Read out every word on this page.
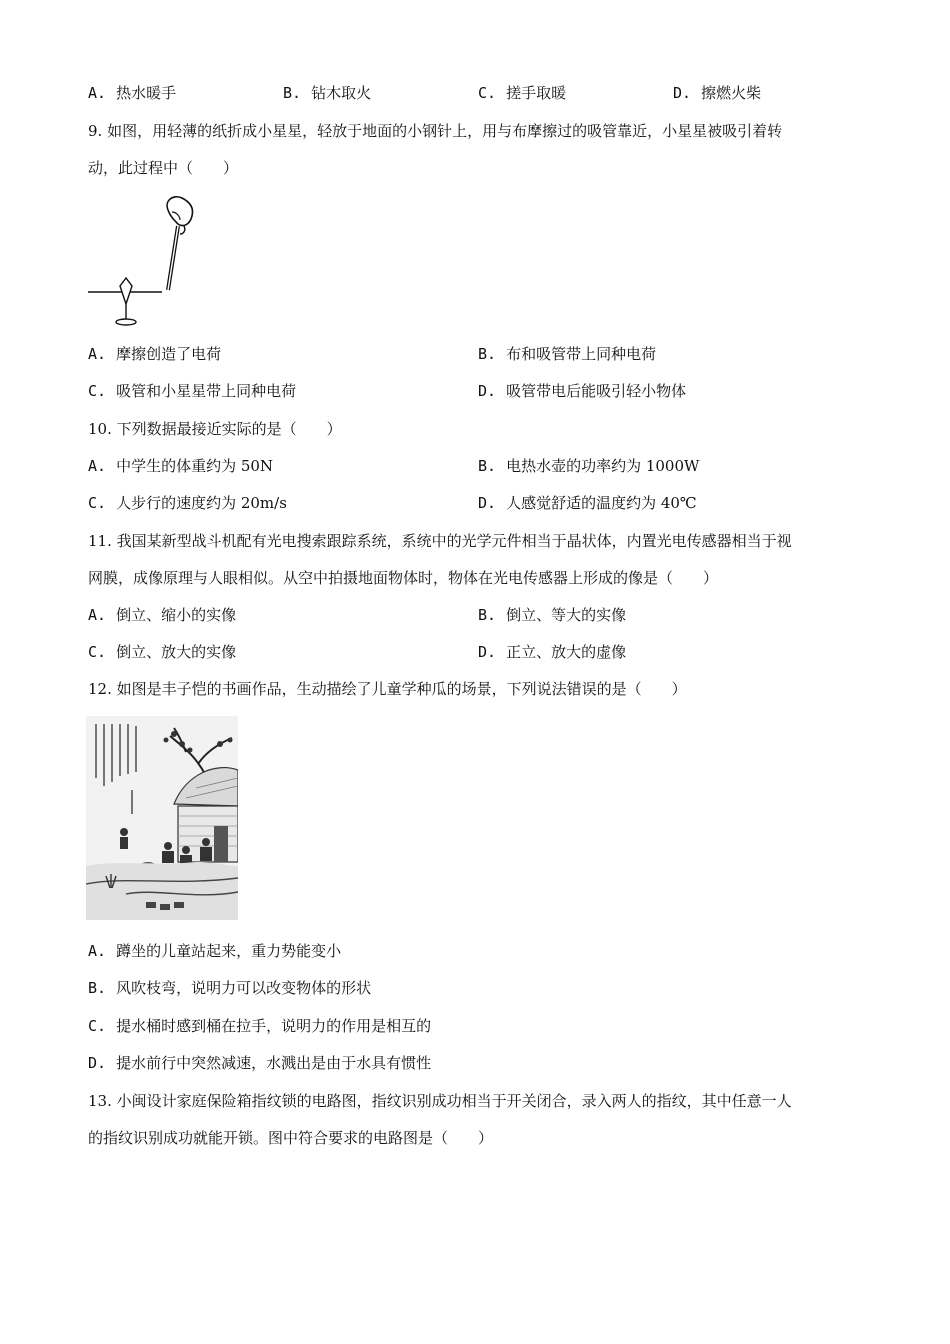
A. 热水暖手	B. 钻木取火	C. 搓手取暖	D. 擦燃火柴
9. 如图，用轻薄的纸折成小星星，轻放于地面的小钢针上，用与布摩擦过的吸管靠近，小星星被吸引着转
动，此过程中（　　）
A. 摩擦创造了电荷	B. 布和吸管带上同种电荷
C. 吸管和小星星带上同种电荷	D. 吸管带电后能吸引轻小物体
10. 下列数据最接近实际的是（　　）
A. 中学生的体重约为 50N	B. 电热水壶的功率约为 1000W
C. 人步行的速度约为 20m/s	D. 人感觉舒适的温度约为 40℃
11. 我国某新型战斗机配有光电搜索跟踪系统，系统中的光学元件相当于晶状体，内置光电传感器相当于视
网膜，成像原理与人眼相似。从空中拍摄地面物体时，物体在光电传感器上形成的像是（　　）
A. 倒立、缩小的实像	B. 倒立、等大的实像
C. 倒立、放大的实像	D. 正立、放大的虚像
12. 如图是丰子恺的书画作品，生动描绘了儿童学种瓜的场景，下列说法错误的是（　　）
A. 蹲坐的儿童站起来，重力势能变小
B. 风吹枝弯，说明力可以改变物体的形状
C. 提水桶时感到桶在拉手，说明力的作用是相互的
D. 提水前行中突然减速，水溅出是由于水具有惯性
13. 小闽设计家庭保险箱指纹锁的电路图，指纹识别成功相当于开关闭合，录入两人的指纹，其中任意一人
的指纹识别成功就能开锁。图中符合要求的电路图是（　　）
